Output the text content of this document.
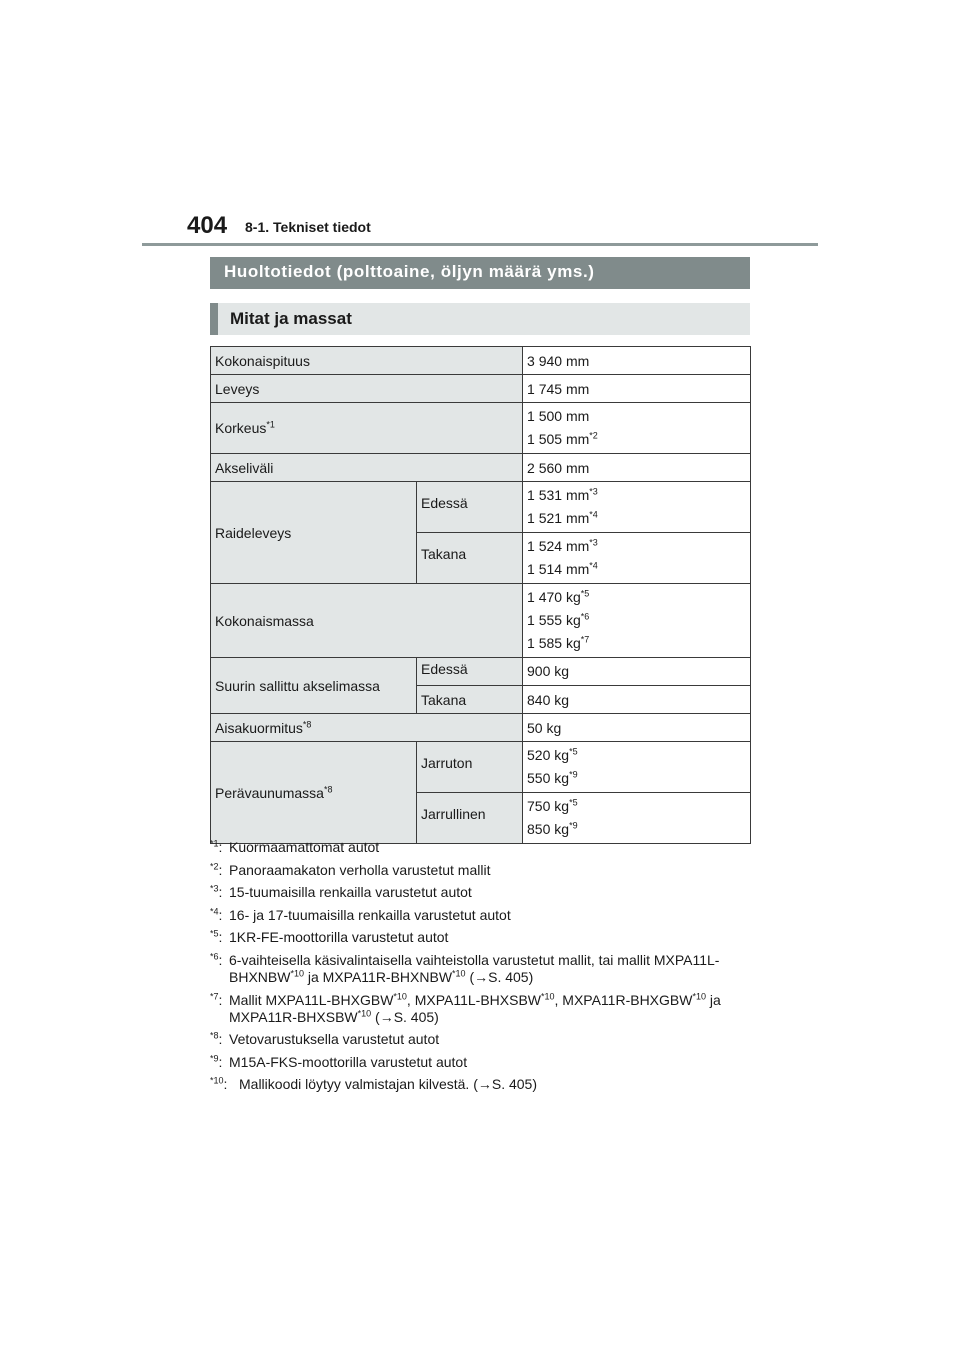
404 8-1. Tekniset tiedot
Huoltotiedot (polttoaine, öljyn määrä yms.)
Mitat ja massat
Kokonaispituus		3 940 mm
Leveys		1 745 mm
Korkeus$^{*1}$		1 500 mm
1 505 $mm^{*2}$

Akseliväli		2 560 mm
Raideleveys	Edessä	1 531 $mm^{*3}$
1 521 $mm^{*4}$

	Takana	1 524 $mm^{*3}$
1 514 $mm^{*4}$

Kokonaismassa		1 470 $kg^{*5}$
1 555 $kg^{*6}$
1 585 $kg^{*7}$

Suurin sallittu akselimassa	Edessä	900 kg
	Takana	840 kg
Aisakuormitus$^{*8}$		50 kg
Perävaunumassa$^{*8}$	Jarruton	520 $kg^{*5}$
550 $kg^{*9}$

	Jarrullinen	750 $kg^{*5}$
850 $kg^{*9}$
$^{*1}$: Kuormaamattomat autot
$^{*2}$: Panoraamakaton verholla varustetut mallit
$^{*3}$: 15-tuumaisilla renkailla varustetut autot
$^{*4}$: 16- ja 17-tuumaisilla renkailla varustetut autot
$^{*5}$: 1KR-FE-moottorilla varustetut autot
$^{*6}$: 6-vaihteisella käsivalintaisella vaihteistolla varustetut mallit, tai mallit MXPA11L-BHXNBW$^{*10}$ ja MXPA11R-BHXNBW$^{*10}$ (→S. 405)
$^{*7}$: Mallit MXPA11L-BHXGBW$^{*10}$, MXPA11L-BHXSBW$^{*10}$, MXPA11R-BHXGBW$^{*10}$ ja MXPA11R-BHXSBW$^{*10}$ (→S. 405)
$^{*8}$: Vetovarustuksella varustetut autot
$^{*9}$: M15A-FKS-moottorilla varustetut autot
$^{*10}$: Mallikoodi löytyy valmistajan kilvestä. (→S. 405)
